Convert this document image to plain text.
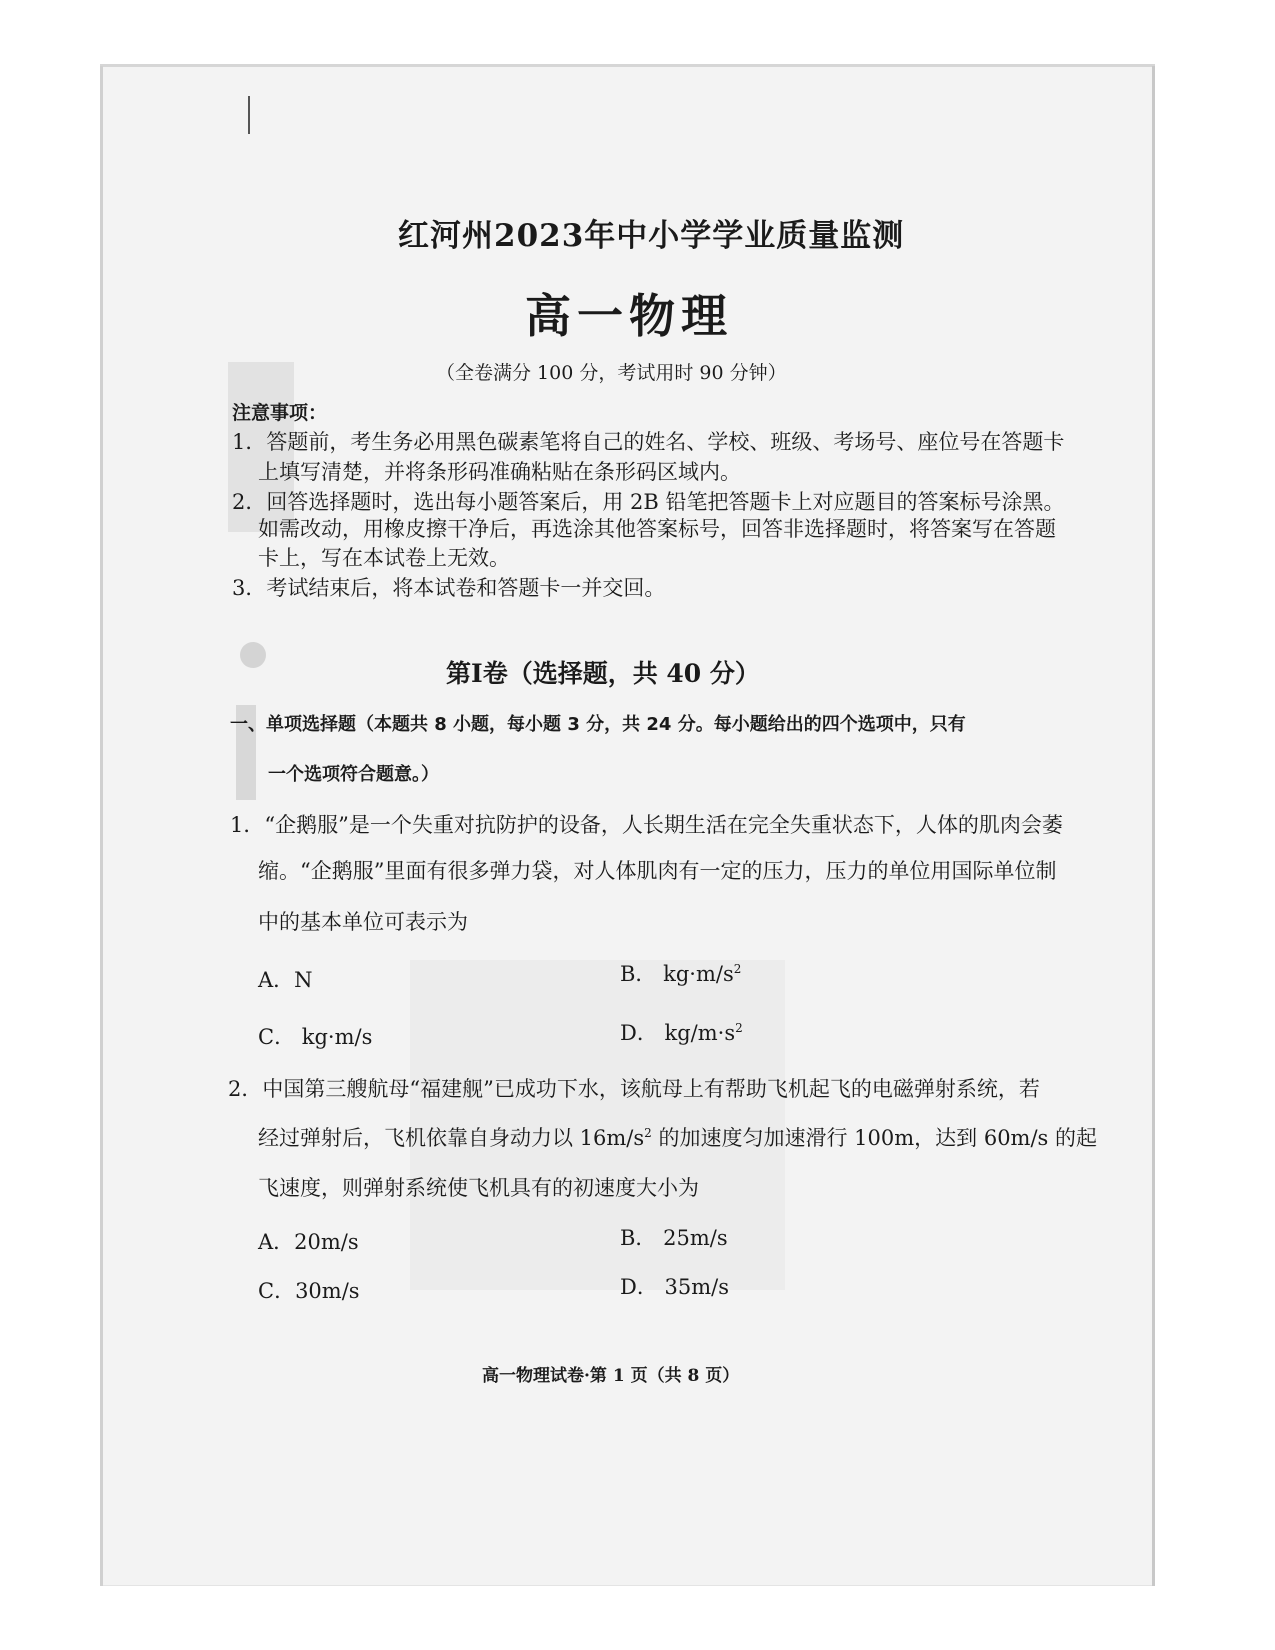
红河州2023年中小学学业质量监测
高一物理
（全卷满分 100 分，考试用时 90 分钟）
注意事项：
1．答题前，考生务必用黑色碳素笔将自己的姓名、学校、班级、考场号、座位号在答题卡
上填写清楚，并将条形码准确粘贴在条形码区域内。
2．回答选择题时，选出每小题答案后，用 2B 铅笔把答题卡上对应题目的答案标号涂黑。
如需改动，用橡皮擦干净后，再选涂其他答案标号，回答非选择题时，将答案写在答题
卡上，写在本试卷上无效。
3．考试结束后，将本试卷和答题卡一并交回。
第Ⅰ卷（选择题，共 40 分）
一、单项选择题（本题共 8 小题，每小题 3 分，共 24 分。每小题给出的四个选项中，只有
一个选项符合题意。）
1．“企鹅服”是一个失重对抗防护的设备，人长期生活在完全失重状态下，人体的肌肉会萎
缩。“企鹅服”里面有很多弹力袋，对人体肌肉有一定的压力，压力的单位用国际单位制
中的基本单位可表示为
A．N	B． $kg\cdot m/s^2$
C． kg·m/s	D． $kg/m\cdot s^2$
2．中国第三艘航母“福建舰”已成功下水，该航母上有帮助飞机起飞的电磁弹射系统，若
经过弹射后，飞机依靠自身动力以 $16m/s^2$ 的加速度匀加速滑行 100m，达到 60m/s 的起
飞速度，则弹射系统使飞机具有的初速度大小为
A．20m/s	B． 25m/s
C．30m/s	D． 35m/s
高一物理试卷·第 1 页（共 8 页）
